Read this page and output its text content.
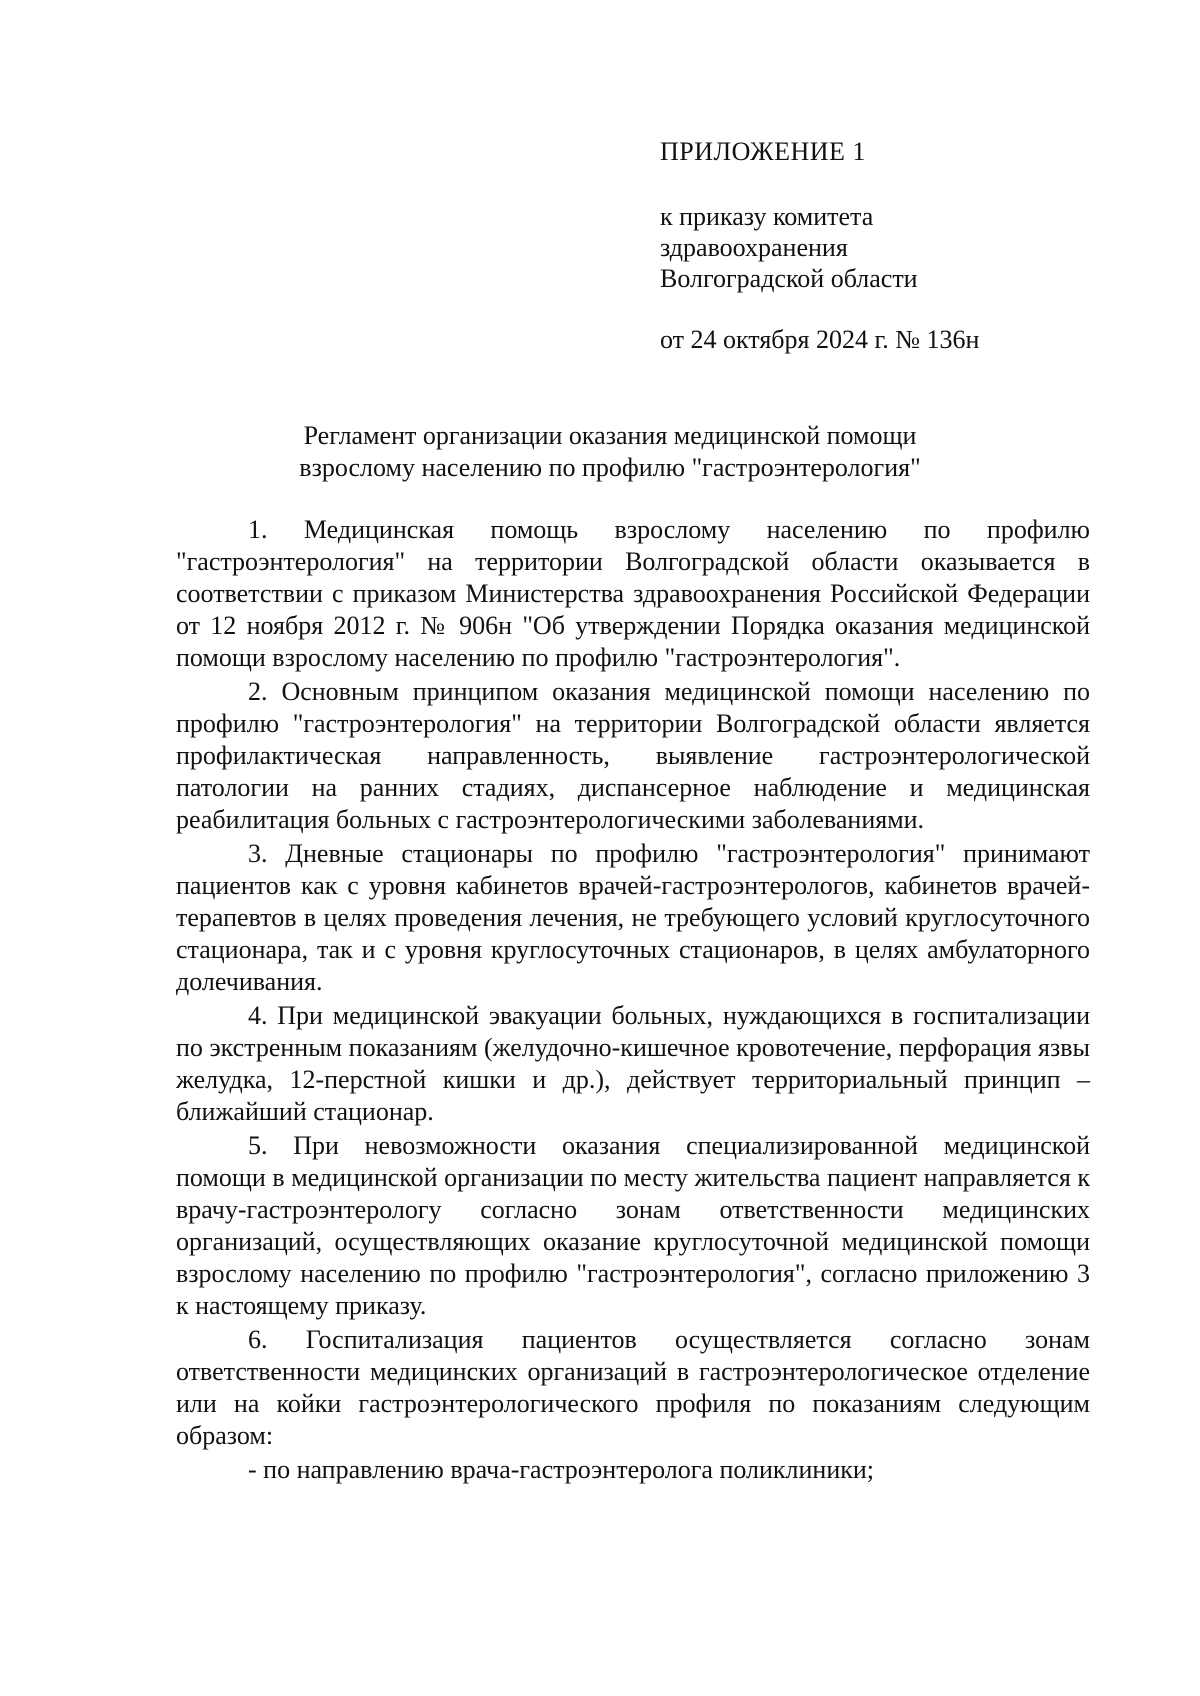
ПРИЛОЖЕНИЕ 1
к приказу комитета
здравоохранения
Волгоградской области
от 24 октября 2024 г. № 136н
Регламент организации оказания медицинской помощи
взрослому населению по профилю "гастроэнтерология"

1. Медицинская помощь взрослому населению по профилю "гастроэнтерология" на территории Волгоградской области оказывается в соответствии с приказом Министерства здравоохранения Российской Федерации от 12 ноября 2012 г. № 906н "Об утверждении Порядка оказания медицинской помощи взрослому населению по профилю "гастроэнтерология".

2. Основным принципом оказания медицинской помощи населению по профилю "гастроэнтерология" на территории Волгоградской области является профилактическая направленность, выявление гастроэнтерологической патологии на ранних стадиях, диспансерное наблюдение и медицинская реабилитация больных с гастроэнтерологическими заболеваниями.

3. Дневные стационары по профилю "гастроэнтерология" принимают пациентов как с уровня кабинетов врачей-гастроэнтерологов, кабинетов врачей-терапевтов в целях проведения лечения, не требующего условий круглосуточного стационара, так и с уровня круглосуточных стационаров, в целях амбулаторного долечивания.

4. При медицинской эвакуации больных, нуждающихся в госпитализации по экстренным показаниям (желудочно-кишечное кровотечение, перфорация язвы желудка, 12-перстной кишки и др.), действует территориальный принцип – ближайший стационар.

5. При невозможности оказания специализированной медицинской помощи в медицинской организации по месту жительства пациент направляется к врачу-гастроэнтерологу согласно зонам ответственности медицинских организаций, осуществляющих оказание круглосуточной медицинской помощи взрослому населению по профилю "гастроэнтерология", согласно приложению 3 к настоящему приказу.

6. Госпитализация пациентов осуществляется согласно зонам ответственности медицинских организаций в гастроэнтерологическое отделение или на койки гастроэнтерологического профиля по показаниям следующим образом:

- по направлению врача-гастроэнтеролога поликлиники;
